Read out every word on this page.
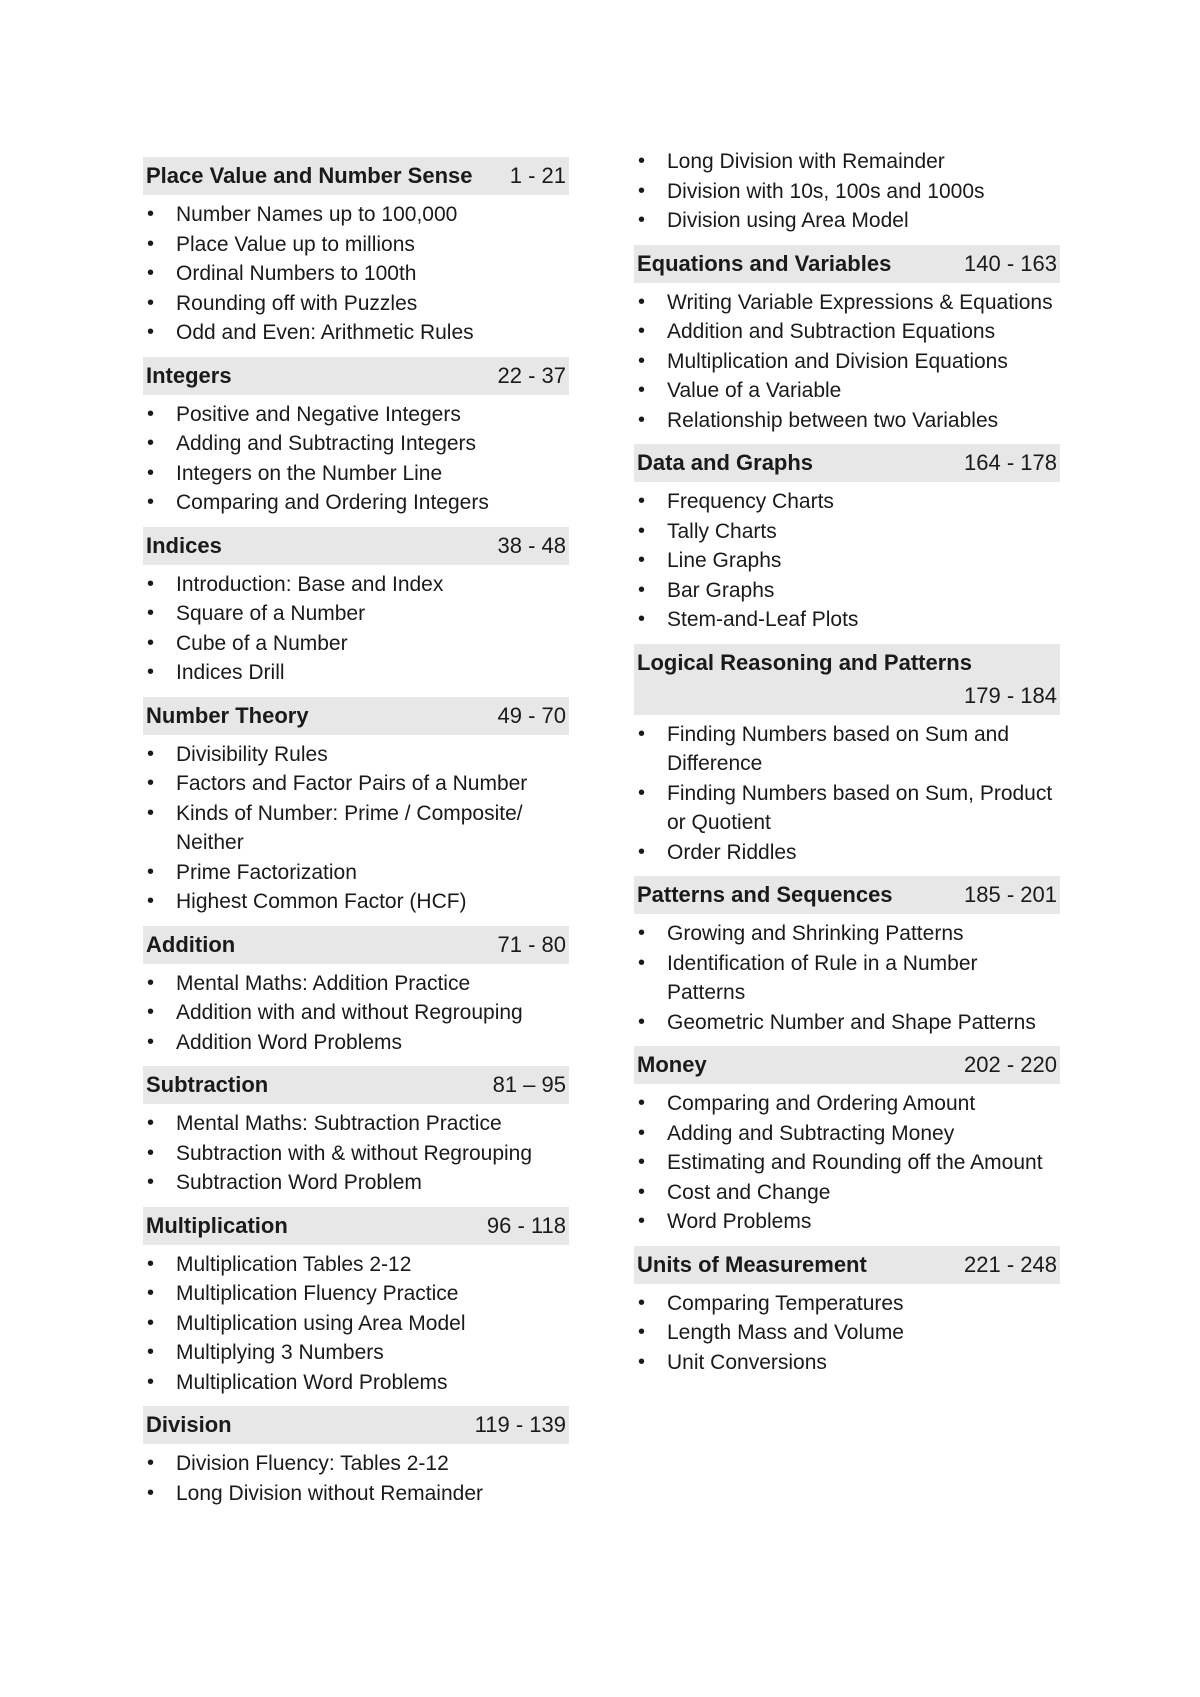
Place Value and Number Sense 1 - 21
• Number Names up to 100,000
• Place Value up to millions
• Ordinal Numbers to 100th
• Rounding off with Puzzles
• Odd and Even: Arithmetic Rules
Integers	22 - 37
• Positive and Negative Integers
• Adding and Subtracting Integers
• Integers on the Number Line
• Comparing and Ordering Integers
Indices	38 - 48
• Introduction: Base and Index
• Square of a Number
• Cube of a Number
• Indices Drill
Number Theory	49 - 70
• Divisibility Rules
• Factors and Factor Pairs of a Number
• Kinds of Number: Prime / Composite/ Neither
• Prime Factorization
• Highest Common Factor (HCF)
Addition	71 - 80
• Mental Maths: Addition Practice
• Addition with and without Regrouping
• Addition Word Problems
Subtraction	81 – 95
• Mental Maths: Subtraction Practice
• Subtraction with & without Regrouping
• Subtraction Word Problem
Multiplication	96 - 118
• Multiplication Tables 2-12
• Multiplication Fluency Practice
• Multiplication using Area Model
• Multiplying 3 Numbers
• Multiplication Word Problems
Division	119 - 139
• Division Fluency: Tables 2-12
• Long Division without Remainder
• Long Division with Remainder
• Division with 10s, 100s and 1000s
• Division using Area Model
Equations and Variables	140 - 163
• Writing Variable Expressions & Equations
• Addition and Subtraction Equations
• Multiplication and Division Equations
• Value of a Variable
• Relationship between two Variables
Data and Graphs	164 - 178
• Frequency Charts
• Tally Charts
• Line Graphs
• Bar Graphs
• Stem-and-Leaf Plots
Logical Reasoning and Patterns
179 - 184
• Finding Numbers based on Sum and Difference
• Finding Numbers based on Sum, Product or Quotient
• Order Riddles
Patterns and Sequences	185 - 201
• Growing and Shrinking Patterns
• Identification of Rule in a Number Patterns
• Geometric Number and Shape Patterns
Money	202 - 220
• Comparing and Ordering Amount
• Adding and Subtracting Money
• Estimating and Rounding off the Amount
• Cost and Change
• Word Problems
Units of Measurement	221 - 248
• Comparing Temperatures
• Length Mass and Volume
• Unit Conversions
